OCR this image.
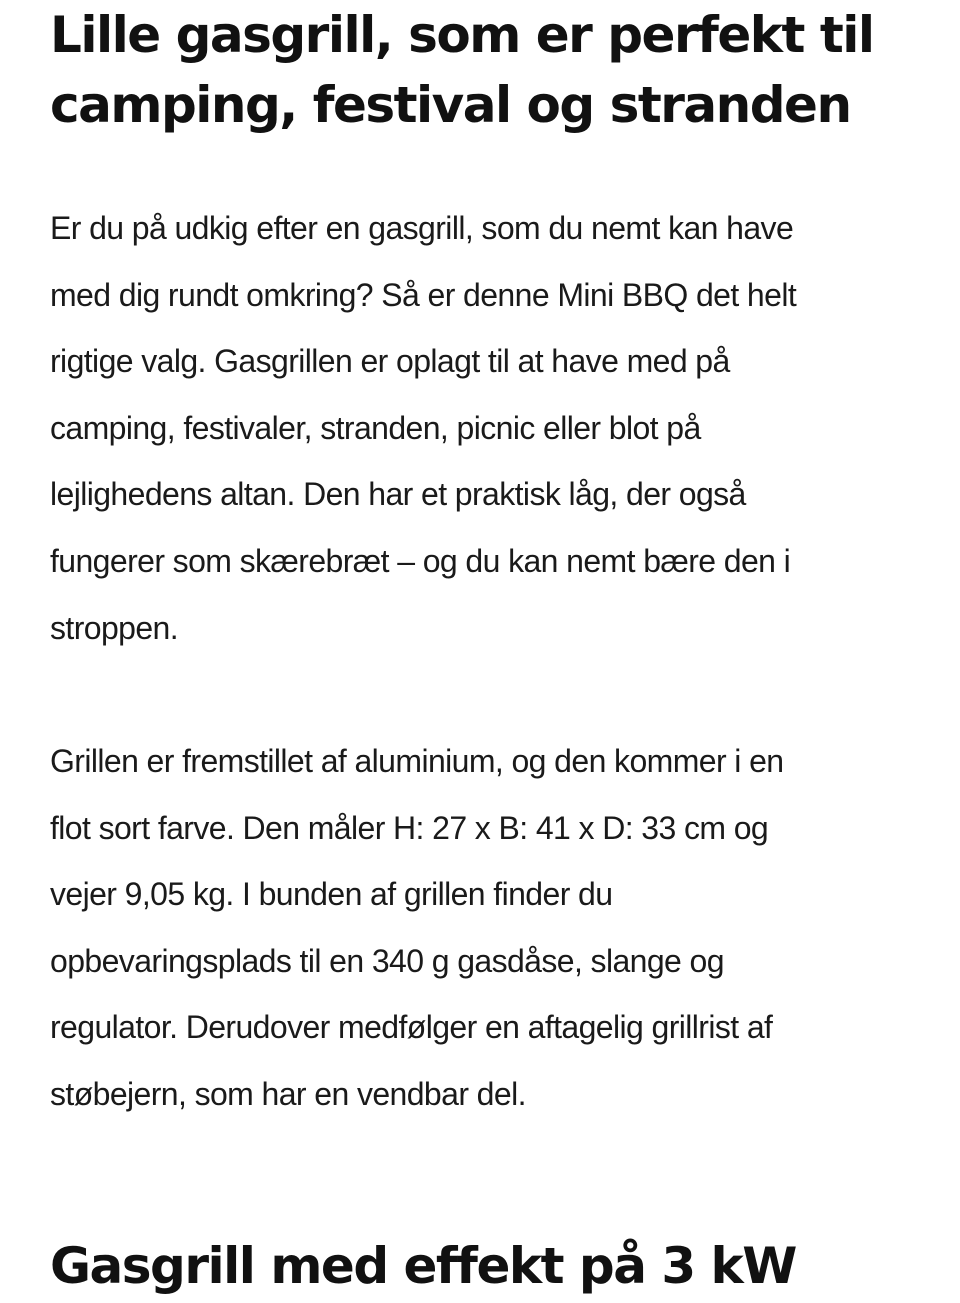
Lille gasgrill, som er perfekt til
camping, festival og stranden

Er du på udkig efter en gasgrill, som du nemt kan have
med dig rundt omkring? Så er denne Mini BBQ det helt
rigtige valg. Gasgrillen er oplagt til at have med på
camping, festivaler, stranden, picnic eller blot på
lejlighedens altan. Den har et praktisk låg, der også
fungerer som skærebræt – og du kan nemt bære den i
stroppen.

Grillen er fremstillet af aluminium, og den kommer i en
flot sort farve. Den måler H: 27 x B: 41 x D: 33 cm og
vejer 9,05 kg. I bunden af grillen finder du
opbevaringsplads til en 340 g gasdåse, slange og
regulator. Derudover medfølger en aftagelig grillrist af
støbejern, som har en vendbar del.

Gasgrill med effekt på 3 kW
